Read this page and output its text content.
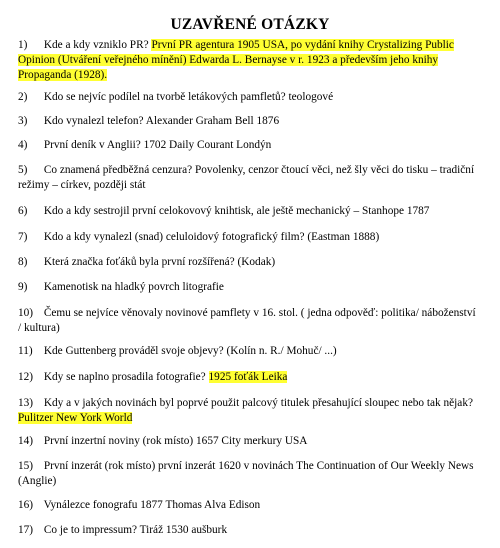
UZAVŘENÉ OTÁZKY
1) Kde a kdy vzniklo PR? První PR agentura 1905 USA, po vydání knihy Crystalizing Public Opinion (Utváření veřejného mínění) Edwarda L. Bernayse v r. 1923 a především jeho knihy Propaganda (1928).
2) Kdo se nejvíc podílel na tvorbě letákových pamfletů? teologové
3) Kdo vynalezl telefon? Alexander Graham Bell 1876
4) První deník v Anglii? 1702 Daily Courant Londýn
5) Co znamená předběžná cenzura? Povolenky, cenzor čtoucí věci, než šly věci do tisku – tradiční režimy – církev, později stát
6) Kdo a kdy sestrojil první celokovový knihtisk, ale ještě mechanický – Stanhope 1787
7) Kdo a kdy vynalezl (snad) celuloidový fotografický film? (Eastman 1888)
8) Která značka foťáků byla první rozšířená? (Kodak)
9) Kamenotisk na hladký povrch litografie
10) Čemu se nejvíce věnovaly novinové pamflety v 16. stol. ( jedna odpověď: politika/ náboženství / kultura)
11) Kde Guttenberg prováděl svoje objevy? (Kolín n. R./ Mohuč/ ...)
12) Kdy se naplno prosadila fotografie? 1925 foťák Leika
13) Kdy a v jakých novinách byl poprvé použit palcový titulek přesahující sloupec nebo tak nějak? Pulitzer New York World
14) První inzertní noviny (rok místo) 1657 City merkury USA
15) První inzerát (rok místo) první inzerát 1620 v novinách The Continuation of Our Weekly News (Anglie)
16) Vynálezce fonografu 1877 Thomas Alva Edison
17) Co je to impressum? Tiráž 1530 aušburk
